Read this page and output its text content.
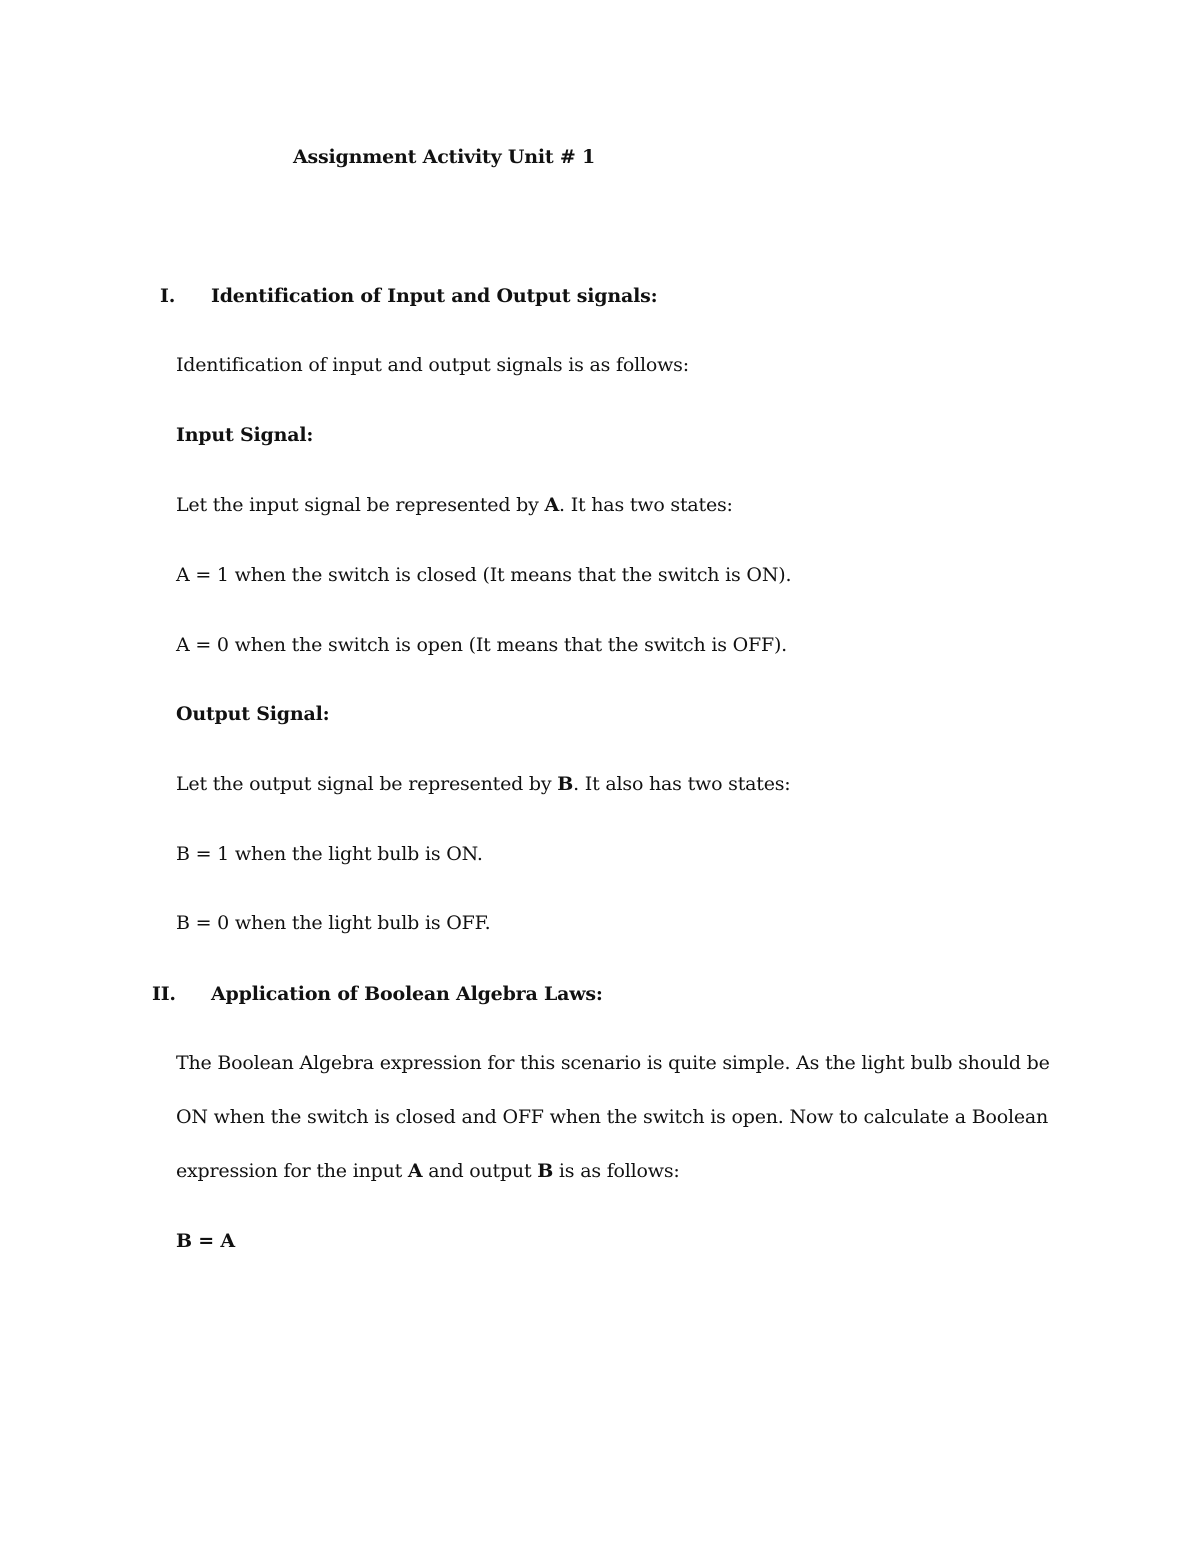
Assignment Activity Unit # 1
I. Identification of Input and Output signals:
Identification of input and output signals is as follows:
Input Signal:
Let the input signal be represented by A. It has two states:
A = 1 when the switch is closed (It means that the switch is ON).
A = 0 when the switch is open (It means that the switch is OFF).
Output Signal:
Let the output signal be represented by B. It also has two states:
B = 1 when the light bulb is ON.
B = 0 when the light bulb is OFF.
II. Application of Boolean Algebra Laws:
The Boolean Algebra expression for this scenario is quite simple. As the light bulb should be
ON when the switch is closed and OFF when the switch is open. Now to calculate a Boolean
expression for the input A and output B is as follows:
B = A
